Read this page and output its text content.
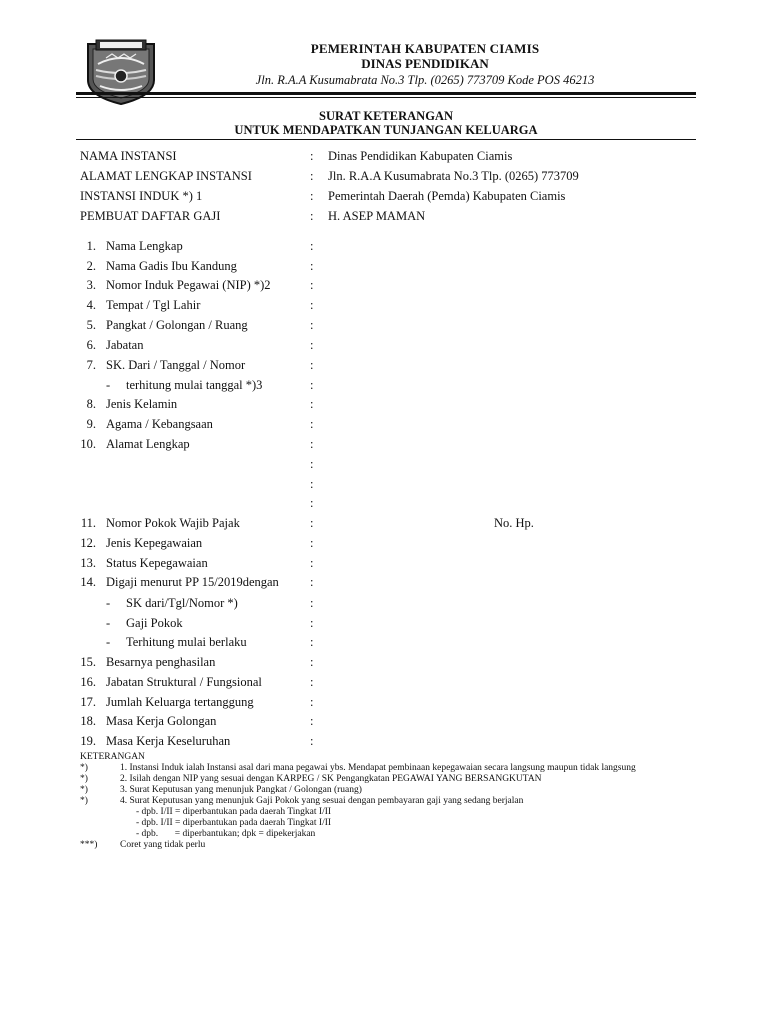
PEMERINTAH KABUPATEN CIAMIS
DINAS PENDIDIKAN
Jln. R.A.A Kusumabrata No.3 Tlp. (0265) 773709 Kode POS 46213
SURAT KETERANGAN
UNTUK MENDAPATKAN TUNJANGAN KELUARGA
NAMA INSTANSI	: Dinas Pendidikan Kabupaten Ciamis
ALAMAT LENGKAP INSTANSI	: Jln. R.A.A Kusumabrata No.3 Tlp. (0265) 773709
INSTANSI INDUK *) 1	: Pemerintah Daerah (Pemda) Kabupaten Ciamis
PEMBUAT DAFTAR GAJI	: H. ASEP MAMAN
1. Nama Lengkap	:
2. Nama Gadis Ibu Kandung	:
3. Nomor Induk Pegawai (NIP) *)2	:
4. Tempat / Tgl Lahir	:
5. Pangkat / Golongan / Ruang	:
6. Jabatan	:
7. SK. Dari / Tanggal / Nomor	:
- terhitung mulai tanggal *)3	:
8. Jenis Kelamin	:
9. Agama / Kebangsaan	:
10. Alamat Lengkap	:
:
:
:
11. Nomor Pokok Wajib Pajak	:	No. Hp.
12. Jenis Kepegawaian	:
13. Status Kepegawaian	:
14. Digaji menurut PP 15/2019dengan :
- SK dari/Tgl/Nomor *)	:
- Gaji Pokok	:
- Terhitung mulai berlaku	:
15. Besarnya penghasilan	:
16. Jabatan Struktural / Fungsional	:
17. Jumlah Keluarga tertanggung	:
18. Masa Kerja Golongan	:
19. Masa Kerja Keseluruhan	:
KETERANGAN
*)	1. Instansi Induk ialah Instansi asal dari mana pegawai ybs. Mendapat pembinaan kepegawaian secara langsung maupun tidak langsung
*)	2. Isilah dengan NIP yang sesuai dengan KARPEG / SK Pengangkatan PEGAWAI YANG BERSANGKUTAN
*)	3. Surat Keputusan yang menunjuk Pangkat / Golongan (ruang)
*)	4. Surat Keputusan yang menunjuk Gaji Pokok yang sesuai dengan pembayaran gaji yang sedang berjalan
- dpb. I/II = diperbantukan pada daerah Tingkat I/II
- dpb. I/II = diperbantukan pada daerah Tingkat I/II
- dpb.       = diperbantukan; dpk = dipekerjakan
***) Coret yang tidak perlu
